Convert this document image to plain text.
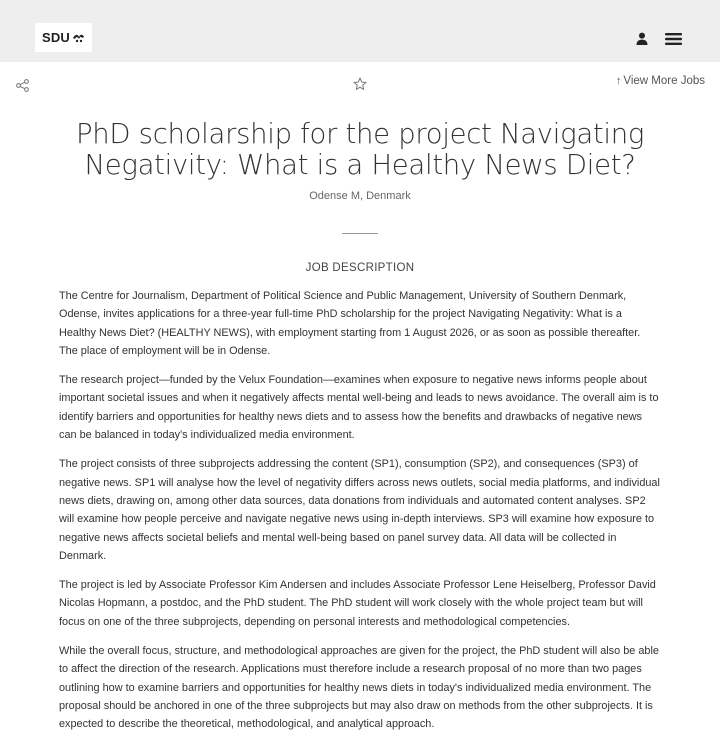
SDU
↑ View More Jobs
PhD scholarship for the project Navigating Negativity: What is a Healthy News Diet?
Odense M, Denmark
JOB DESCRIPTION

The Centre for Journalism, Department of Political Science and Public Management, University of Southern Denmark, Odense, invites applications for a three-year full-time PhD scholarship for the project Navigating Negativity: What is a Healthy News Diet? (HEALTHY NEWS), with employment starting from 1 August 2026, or as soon as possible thereafter. The place of employment will be in Odense.

The research project—funded by the Velux Foundation—examines when exposure to negative news informs people about important societal issues and when it negatively affects mental well-being and leads to news avoidance. The overall aim is to identify barriers and opportunities for healthy news diets and to assess how the benefits and drawbacks of negative news can be balanced in today's individualized media environment.

The project consists of three subprojects addressing the content (SP1), consumption (SP2), and consequences (SP3) of negative news. SP1 will analyse how the level of negativity differs across news outlets, social media platforms, and individual news diets, drawing on, among other data sources, data donations from individuals and automated content analyses. SP2 will examine how people perceive and navigate negative news using in-depth interviews. SP3 will examine how exposure to negative news affects societal beliefs and mental well-being based on panel survey data. All data will be collected in Denmark.

The project is led by Associate Professor Kim Andersen and includes Associate Professor Lene Heiselberg, Professor David Nicolas Hopmann, a postdoc, and the PhD student. The PhD student will work closely with the whole project team but will focus on one of the three subprojects, depending on personal interests and methodological competencies.

While the overall focus, structure, and methodological approaches are given for the project, the PhD student will also be able to affect the direction of the research. Applications must therefore include a research proposal of no more than two pages outlining how to examine barriers and opportunities for healthy news diets in today's individualized media environment. The proposal should be anchored in one of the three subprojects but may also draw on methods from the other subprojects. It is expected to describe the theoretical, methodological, and analytical approach.
